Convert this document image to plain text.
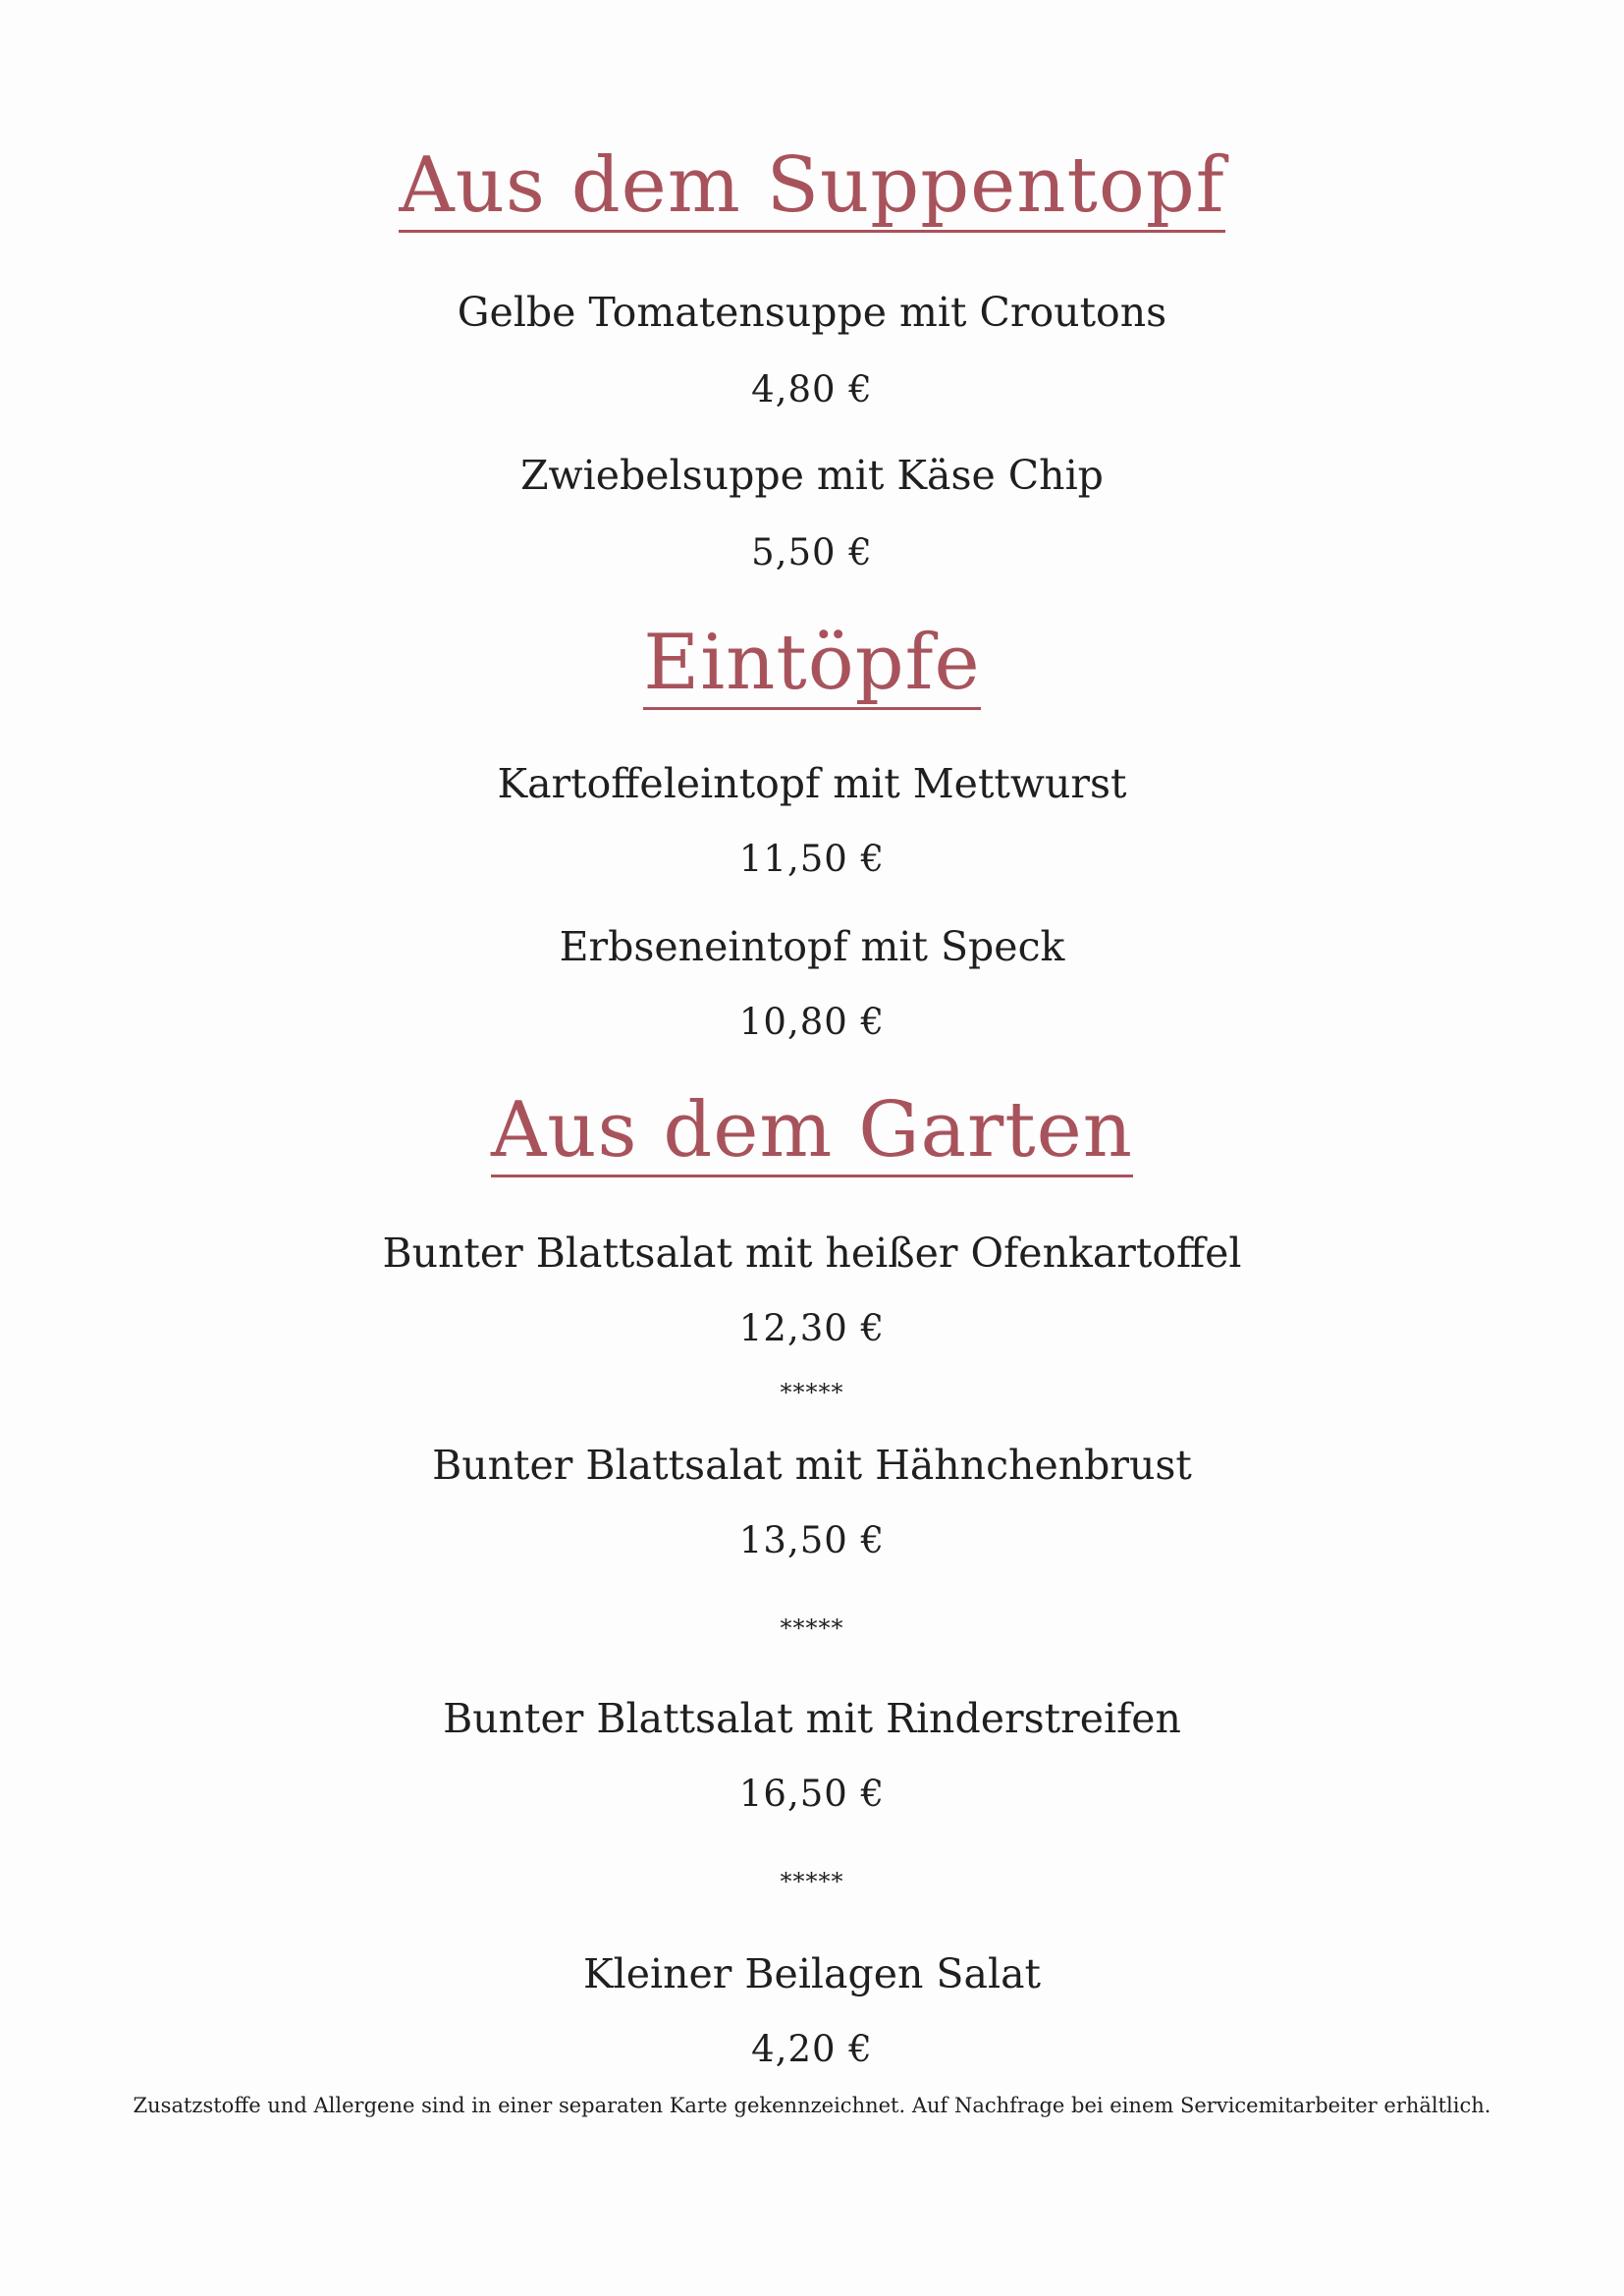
Aus dem Suppentopf
Gelbe Tomatensuppe mit Croutons
4,80 €
Zwiebelsuppe mit Käse Chip
5,50 €
Eintöpfe
Kartoffeleintopf mit Mettwurst
11,50 €
Erbseneintopf mit Speck
10,80 €
Aus dem Garten
Bunter Blattsalat mit heißer Ofenkartoffel
12,30 €
*****
Bunter Blattsalat mit Hähnchenbrust
13,50 €
*****
Bunter Blattsalat mit Rinderstreifen
16,50 €
*****
Kleiner Beilagen Salat
4,20 €
Zusatzstoffe und Allergene sind in einer separaten Karte gekennzeichnet. Auf Nachfrage bei einem Servicemitarbeiter erhältlich.
